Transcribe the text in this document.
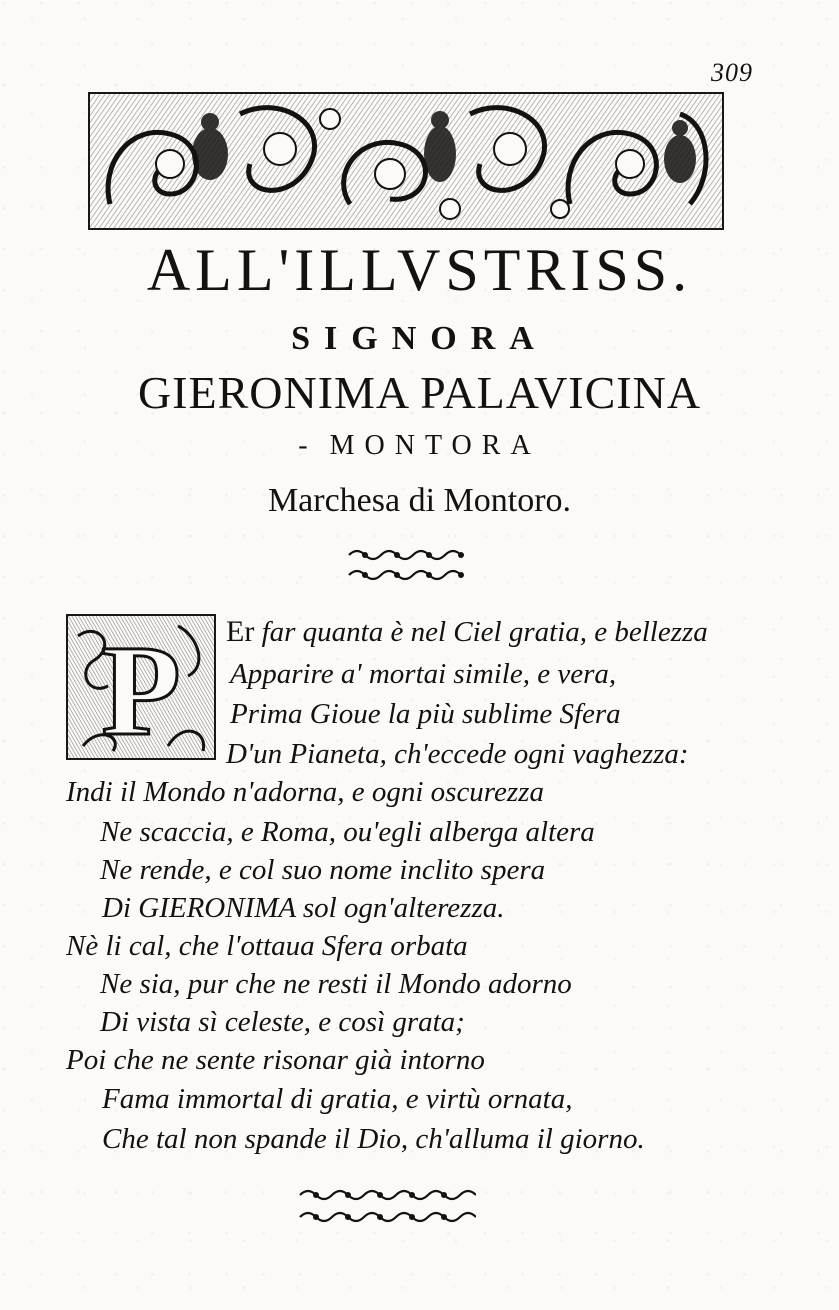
309
ALL'ILLVSTRISS.
SIGNORA
GIERONIMA PALAVICINA
- MONTORA
Marchesa di Montoro.
P Er far quanta è nel Ciel gratia, e bellezza
Apparire a' mortai simile, e vera,
Prima Gioue la più sublime Sfera
D'un Pianeta, ch'eccede ogni vaghezza:
Indi il Mondo n'adorna, e ogni oscurezza
Ne scaccia, e Roma, ou'egli alberga altera
Ne rende, e col suo nome inclito spera
Di GIERONIMA sol ogn'alterezza.
Nè li cal, che l'ottaua Sfera orbata
Ne sia, pur che ne resti il Mondo adorno
Di vista sì celeste, e così grata;
Poi che ne sente risonar già intorno
Fama immortal di gratia, e virtù ornata,
Che tal non spande il Dio, ch'alluma il giorno.
